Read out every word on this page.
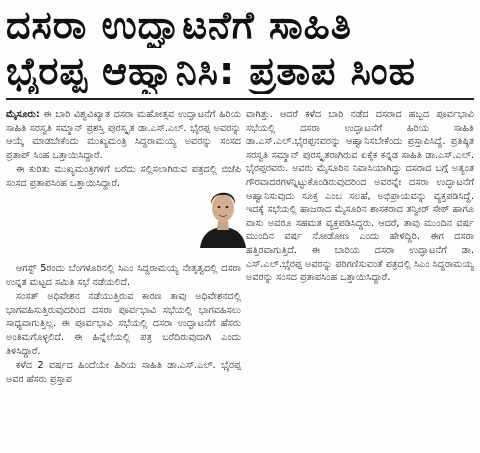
ದಸರಾ ಉದ್ಘಾಟನೆಗೆ ಸಾಹಿತಿ
ಭೈರಪ್ಪ ಆಹ್ವಾನಿಸಿ: ಪ್ರತಾಪ ಸಿಂಹ

ಮೈಸೂರು: ಈ ಬಾರಿ ವಿಶ್ವವಿಖ್ಯಾತ ದಸರಾ ಮಹೋತ್ಸವ ಉದ್ಘಾಟನೆಗೆ ಹಿರಿಯ ಸಾಹಿತಿ ಸರಸ್ವತಿ ಸಮ್ಮಾನ್ ಪ್ರಶಸ್ತಿ ಪುರಸ್ಕೃತ ಡಾ.ಎಸ್.ಎಲ್. ಭೈರಪ್ಪ ಅವರನ್ನು ಆಯ್ಕೆ ಮಾಡಬೇಕೆಂದು ಮುಖ್ಯಮಂತ್ರಿ ಸಿದ್ದರಾಮಯ್ಯ ಅವರನ್ನು ಸಂಸದ ಪ್ರತಾಪ್ ಸಿಂಹ ಒತ್ತಾಯಿಸಿದ್ದಾರೆ.

ಈ ಕುರಿತು ಮುಖ್ಯಮಂತ್ರಿಗಳಿಗೆ ಬರೆದು ಸಲ್ಲಿಸಲಾಗಿರುವ ಪತ್ರದಲ್ಲಿ ಬಿಜೆಪಿ ಸಂಸದ ಪ್ರತಾಪಸಿಂಹ ಒತ್ತಾಯಿಸಿದ್ದಾರೆ.

ಆಗಸ್ಟ್ 5ರಂದು ಬೆಂಗಳೂರಿನಲ್ಲಿ ಸಿಎಂ ಸಿದ್ದರಾಮಯ್ಯ ನೇತೃತ್ವದಲ್ಲಿ ದಸರಾ ಉನ್ನತ ಮಟ್ಟದ ಸಮಿತಿ ಸಭೆ ನಡೆಯಲಿದೆ.

ಸಂಸತ್ ಅಧಿವೇಶನ ನಡೆಯುತ್ತಿರುವ ಕಾರಣ ತಾವು ಅಧಿವೇಶನದಲ್ಲಿ ಭಾಗವಹಿಸುತ್ತಿರುವುದರಿಂದ ದಸರಾ ಪೂರ್ವಭಾವಿ ಸಭೆಯಲ್ಲಿ ಭಾಗವಹಿಸಲು ಸಾಧ್ಯವಾಗುತ್ತಿಲ್ಲ. ಈ ಪೂರ್ವಭಾವಿ ಸಭೆಯಲ್ಲಿ ದಸರಾ ಉದ್ಘಾಟನೆಗೆ ಹೆಸರು ಅಂತಿಮಗೊಳ್ಳಲಿದೆ. ಈ ಹಿನ್ನೆಲೆಯಲ್ಲಿ ಪತ್ರ ಬರೆದಿರುವುದಾಗಿ ಎಂದು ತಿಳಿಸಿದ್ದಾರೆ.

ಕಳೆದ 2 ವರ್ಷದ ಹಿಂದೆಯೇ ಹಿರಿಯ ಸಾಹಿತಿ ಡಾ.ಎಸ್.ಎಲ್. ಭೈರಪ್ಪ ಅವರ ಹೆಸರು ಪ್ರಸ್ತಾಪ

ವಾಗಿತ್ತು. ಆದರೆ ಕಳೆದ ಬಾರಿ ನಡೆದ ದಸರಾದ ಹಬ್ಬದ ಪೂರ್ವಭಾವಿ ಸಭೆಯಲ್ಲಿ ದಸರಾ ಉದ್ಘಾಟನೆಗೆ ಹಿರಿಯ ಸಾಹಿತಿ ಡಾ.ಎಸ್.ಎಲ್.ಭೈರಪ್ಪನವರನ್ನು ಆಹ್ವಾನಿಸಬೇಕೆಂದು ಪ್ರಸ್ತಾಪಿಸಿದ್ದೆ. ಪ್ರತಿಷ್ಠಿತ ಸರಸ್ವತಿ ಸಮ್ಮಾನ್ ಪುರಸ್ಕೃತರಾಗಿರುವ ಏಕೈಕ ಕನ್ನಡ ಸಾಹಿತಿ ಡಾ.ಎಸ್.ಎಲ್. ಭೈರಪ್ಪರವರು. ಅವರು ಮೈಸೂರಿನ ನಿವಾಸಿಯಾಗಿದ್ದು ದಸರಾದ ಬಗ್ಗೆ ಅತ್ಯಂತ ಗೌರವಾದರಗಳನ್ನಿಟ್ಟುಕೊಂಡಿರುವುದರಿಂದ ಅವರನ್ನೇ ದಸರಾ ಉದ್ಘಾಟನೆಗೆ ಆಹ್ವಾನಿಸುವುದು ಸೂಕ್ತ ಎಂಬ ಸಲಹೆ, ಅಭಿಪ್ರಾಯವನ್ನು ವ್ಯಕ್ತಪಡಿಸಿದ್ದೆ. ಇದಕ್ಕೆ ಸಭೆಯಲ್ಲಿ ಹಾಜರಾದ ಮೈಸೂರಿನ ಶಾಸಕರಾದ ತನ್ವೀರ್ ಸೇಠ್ ಹಾಗೂ ವಾಸು ಅವರೂ ಸಹಮತ ವ್ಯಕ್ತಪಡಿಸಿದ್ದರು. ಆದರೆ, ತಾವು ಮುಂದಿನ ವರ್ಷ ಮುಂದಿನ ವರ್ಷ ನೋಡೋಣ ಎಂದು ಹೇಳಿದ್ದಿರಿ. ಈಗ ದಸರಾ ಹತ್ತಿರವಾಗುತ್ತಿದೆ. ಈ ಬಾರಿಯ ದಸರಾ ಉದ್ಘಾಟನೆಗೆ ಡಾ. ಎಸ್.ಎಲ್.ಭೈರಪ್ಪ ಅವರನ್ನು ಪರಿಗಣಿಸುವಂತೆ ಪತ್ರದಲ್ಲಿ ಸಿಎಂ ಸಿದ್ದರಾಮಯ್ಯ ಅವರನ್ನು ಸಂಸದ ಪ್ರತಾಪಸಿಂಹ ಒತ್ತಾಯಿಸಿದ್ದಾರೆ.
